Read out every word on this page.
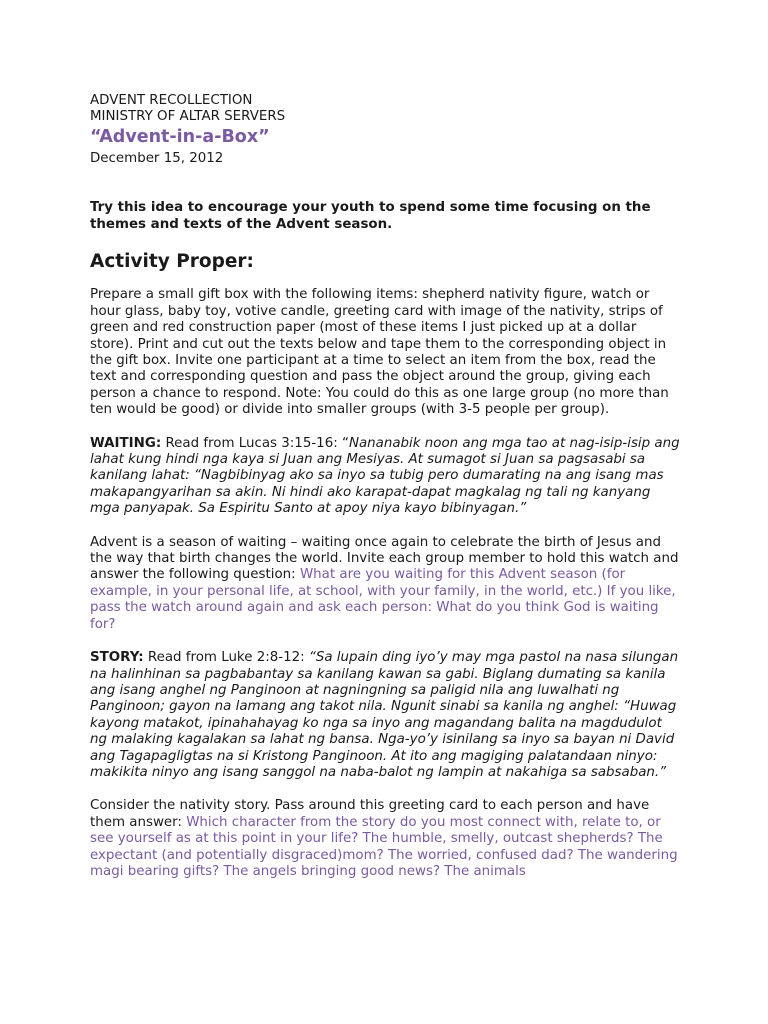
ADVENT RECOLLECTION

MINISTRY OF ALTAR SERVERS

“Advent-in-a-Box”

December 15, 2012

Try this idea to encourage your youth to spend some time focusing on the themes and texts of the Advent season.

Activity Proper:

Prepare a small gift box with the following items: shepherd nativity figure, watch or hour glass, baby toy, votive candle, greeting card with image of the nativity, strips of green and red construction paper (most of these items I just picked up at a dollar store). Print and cut out the texts below and tape them to the corresponding object in the gift box. Invite one participant at a time to select an item from the box, read the text and corresponding question and pass the object around the group, giving each person a chance to respond. Note: You could do this as one large group (no more than ten would be good) or divide into smaller groups (with 3-5 people per group).

WAITING: Read from Lucas 3:15-16: “Nananabik noon ang mga tao at nag-isip-isip ang lahat kung hindi nga kaya si Juan ang Mesiyas. At sumagot si Juan sa pagsasabi sa kanilang lahat: “Nagbibinyag ako sa inyo sa tubig pero dumarating na ang isang mas makapangyarihan sa akin. Ni hindi ako karapat-dapat magkalag ng tali ng kanyang mga panyapak. Sa Espiritu Santo at apoy niya kayo bibinyagan.”

Advent is a season of waiting – waiting once again to celebrate the birth of Jesus and the way that birth changes the world. Invite each group member to hold this watch and answer the following question: What are you waiting for this Advent season (for example, in your personal life, at school, with your family, in the world, etc.) If you like, pass the watch around again and ask each person: What do you think God is waiting for?

STORY: Read from Luke 2:8-12: “Sa lupain ding iyo’y may mga pastol na nasa silungan na halinhinan sa pagbabantay sa kanilang kawan sa gabi. Biglang dumating sa kanila ang isang anghel ng Panginoon at nagningning sa paligid nila ang luwalhati ng Panginoon; gayon na lamang ang takot nila. Ngunit sinabi sa kanila ng anghel: “Huwag kayong matakot, ipinahahayag ko nga sa inyo ang magandang balita na magdudulot ng malaking kagalakan sa lahat ng bansa. Nga-yo’y isinilang sa inyo sa bayan ni David ang Tagapagligtas na si Kristong Panginoon. At ito ang magiging palatandaan ninyo: makikita ninyo ang isang sanggol na naba-balot ng lampin at nakahiga sa sabsaban.”

Consider the nativity story. Pass around this greeting card to each person and have them answer: Which character from the story do you most connect with, relate to, or see yourself as at this point in your life? The humble, smelly, outcast shepherds? The expectant (and potentially disgraced)mom? The worried, confused dad? The wandering magi bearing gifts? The angels bringing good news? The animals
